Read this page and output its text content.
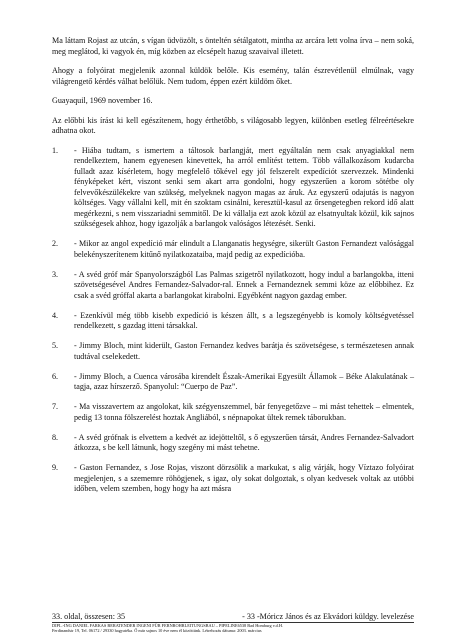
Ma láttam Rojast az utcán, s vígan üdvözölt, s önteltén sétálgatott, mintha az arcára lett volna írva – nem soká, meg meglátod, ki vagyok én, míg közben az elcsépelt hazug szavaival illetett.

Ahogy a folyóirat megjelenik azonnal küldök belőle. Kis esemény, talán észrevétlenül elmúlnak, vagy világrengető kérdés válhat belőlük. Nem tudom, éppen ezért küldöm őket.

Guayaquil, 1969 november 16.

Az előbbi kis írást ki kell egészítenem, hogy érthetőbb, s világosabb legyen, különben esetleg félreértésekre adhatna okot.

1.	- Hiába tudtam, s ismertem a táltosok barlangját, mert egyáltalán nem csak anyagiakkal nem rendelkeztem, hanem egyenesen kinevettek, ha arról említést tettem. Több vállalkozásom kudarcba fulladt azaz kísérletem, hogy megfelelő tőkével egy jól felszerelt expedíciót szervezzek. Mindenki fényképeket kért, viszont senki sem akart arra gondolni, hogy egyszerűen a korom sötétbe oly felvevőkészülékekre van szükség, melyeknek nagyon magas az áruk. Az egyszerű odajutás is nagyon költséges. Vagy vállalni kell, mit én szoktam csinálni, keresztül-kasul az őrsengetegben rekord idő alatt megérkezni, s nem visszariadni semmitől. De ki vállalja ezt azok közül az elsatnyultak közül, kik sajnos szükségesek ahhoz, hogy igazolják a barlangok valóságos létezését. Senki.

2.	- Mikor az angol expedíció már elindult a Llanganatis hegységre, sikerült Gaston Fernandezt valósággal belekényszerítenem kitűnő nyilatkozataiba, majd pedig az expedícióba.

3.	- A svéd gróf már Spanyolországból Las Palmas szigetről nyilatkozott, hogy indul a barlangokba, itteni szövetségesével Andres Fernandez-Salvador-ral. Ennek a Fernandeznek semmi köze az előbbihez. Ez csak a svéd gróffal akarta a barlangokat kirabolni. Egyébként nagyon gazdag ember.

4.	- Ezenkívül még több kisebb expedíció is készen állt, s a legszegényebb is komoly költségvetéssel rendelkezett, s gazdag itteni társakkal.

5.	- Jimmy Bloch, mint kiderült, Gaston Fernandez kedves barátja és szövetségese, s természetesen annak tudtával cselekedett.

6.	- Jimmy Bloch, a Cuenca városába kirendelt Észak-Amerikai Egyesült Államok – Béke Alakulatának – tagja, azaz hírszerző. Spanyolul: “Cuerpo de Paz”.

7.	- Ma visszavertem az angolokat, kik szégyenszemmel, bár fenyegetőzve – mi mást tehettek – elmentek, pedig 13 tonna fölszerelést hoztak Angliából, s népnapokat ültek remek táborukban.

8.	- A svéd grófnak is elvettem a kedvét az idejötteltől, s ő egyszerűen társát, Andres Fernandez-Salvadort átkozza, s be kell látnunk, hogy szegény mi mást tehetne.

9.	- Gaston Fernandez, s Jose Rojas, viszont dörzsölik a markukat, s alig várják, hogy Víztazo folyóirat megjelenjen, s a szememre röhögjenek, s igaz, oly sokat dolgoztak, s olyan kedvesek voltak az utóbbi időben, velem szemben, hogy hogy ha azt másra

33. oldal, összesen: 35	- 33 -Móricz János és az Ekvádori küldgy. levelezése
DIPL.-ING DANIEL FARKAS BERATENDER INGENI FÜR FERNROHRLEITUNGSBAU – PIPELINE6538 Bad Homburg v.d.H.
Ferdinandstr 19, Tel. 06172 / 29330 hagyatéka. Ő már sajnos 10 éve nem él közöttünk. Létrehozás dátuma: 2003. március
